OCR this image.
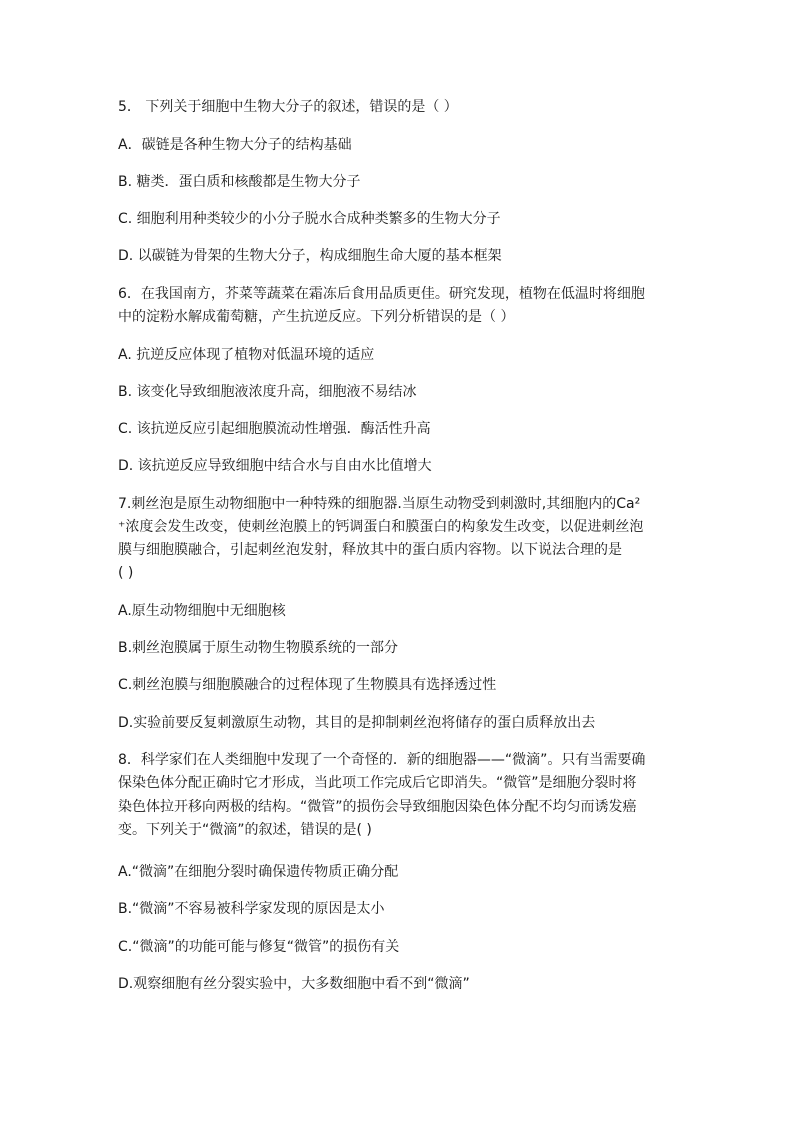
5． 下列关于细胞中生物大分子的叙述，错误的是（ ）
A．碳链是各种生物大分子的结构基础
B. 糖类．蛋白质和核酸都是生物大分子
C. 细胞利用种类较少的小分子脱水合成种类繁多的生物大分子
D. 以碳链为骨架的生物大分子，构成细胞生命大厦的基本框架
6．在我国南方，芥菜等蔬菜在霜冻后食用品质更佳。研究发现，植物在低温时将细胞
中的淀粉水解成葡萄糖，产生抗逆反应。下列分析错误的是（ ）
A. 抗逆反应体现了植物对低温环境的适应
B. 该变化导致细胞液浓度升高，细胞液不易结冰
C. 该抗逆反应引起细胞膜流动性增强．酶活性升高
D. 该抗逆反应导致细胞中结合水与自由水比值增大
7.刺丝泡是原生动物细胞中一种特殊的细胞器.当原生动物受到刺激时,其细胞内的Ca²
⁺浓度会发生改变，使刺丝泡膜上的钙调蛋白和膜蛋白的构象发生改变，以促进刺丝泡
膜与细胞膜融合，引起刺丝泡发射，释放其中的蛋白质内容物。以下说法合理的是
( )
A.原生动物细胞中无细胞核
B.刺丝泡膜属于原生动物生物膜系统的一部分
C.刺丝泡膜与细胞膜融合的过程体现了生物膜具有选择透过性
D.实验前要反复刺激原生动物，其目的是抑制刺丝泡将储存的蛋白质释放出去
8．科学家们在人类细胞中发现了一个奇怪的．新的细胞器——“微滴”。只有当需要确
保染色体分配正确时它才形成，当此项工作完成后它即消失。“微管”是细胞分裂时将
染色体拉开移向两极的结构。“微管”的损伤会导致细胞因染色体分配不均匀而诱发癌
变。下列关于“微滴”的叙述，错误的是( )
A.“微滴”在细胞分裂时确保遗传物质正确分配
B.“微滴”不容易被科学家发现的原因是太小
C.“微滴”的功能可能与修复“微管”的损伤有关
D.观察细胞有丝分裂实验中，大多数细胞中看不到“微滴”
